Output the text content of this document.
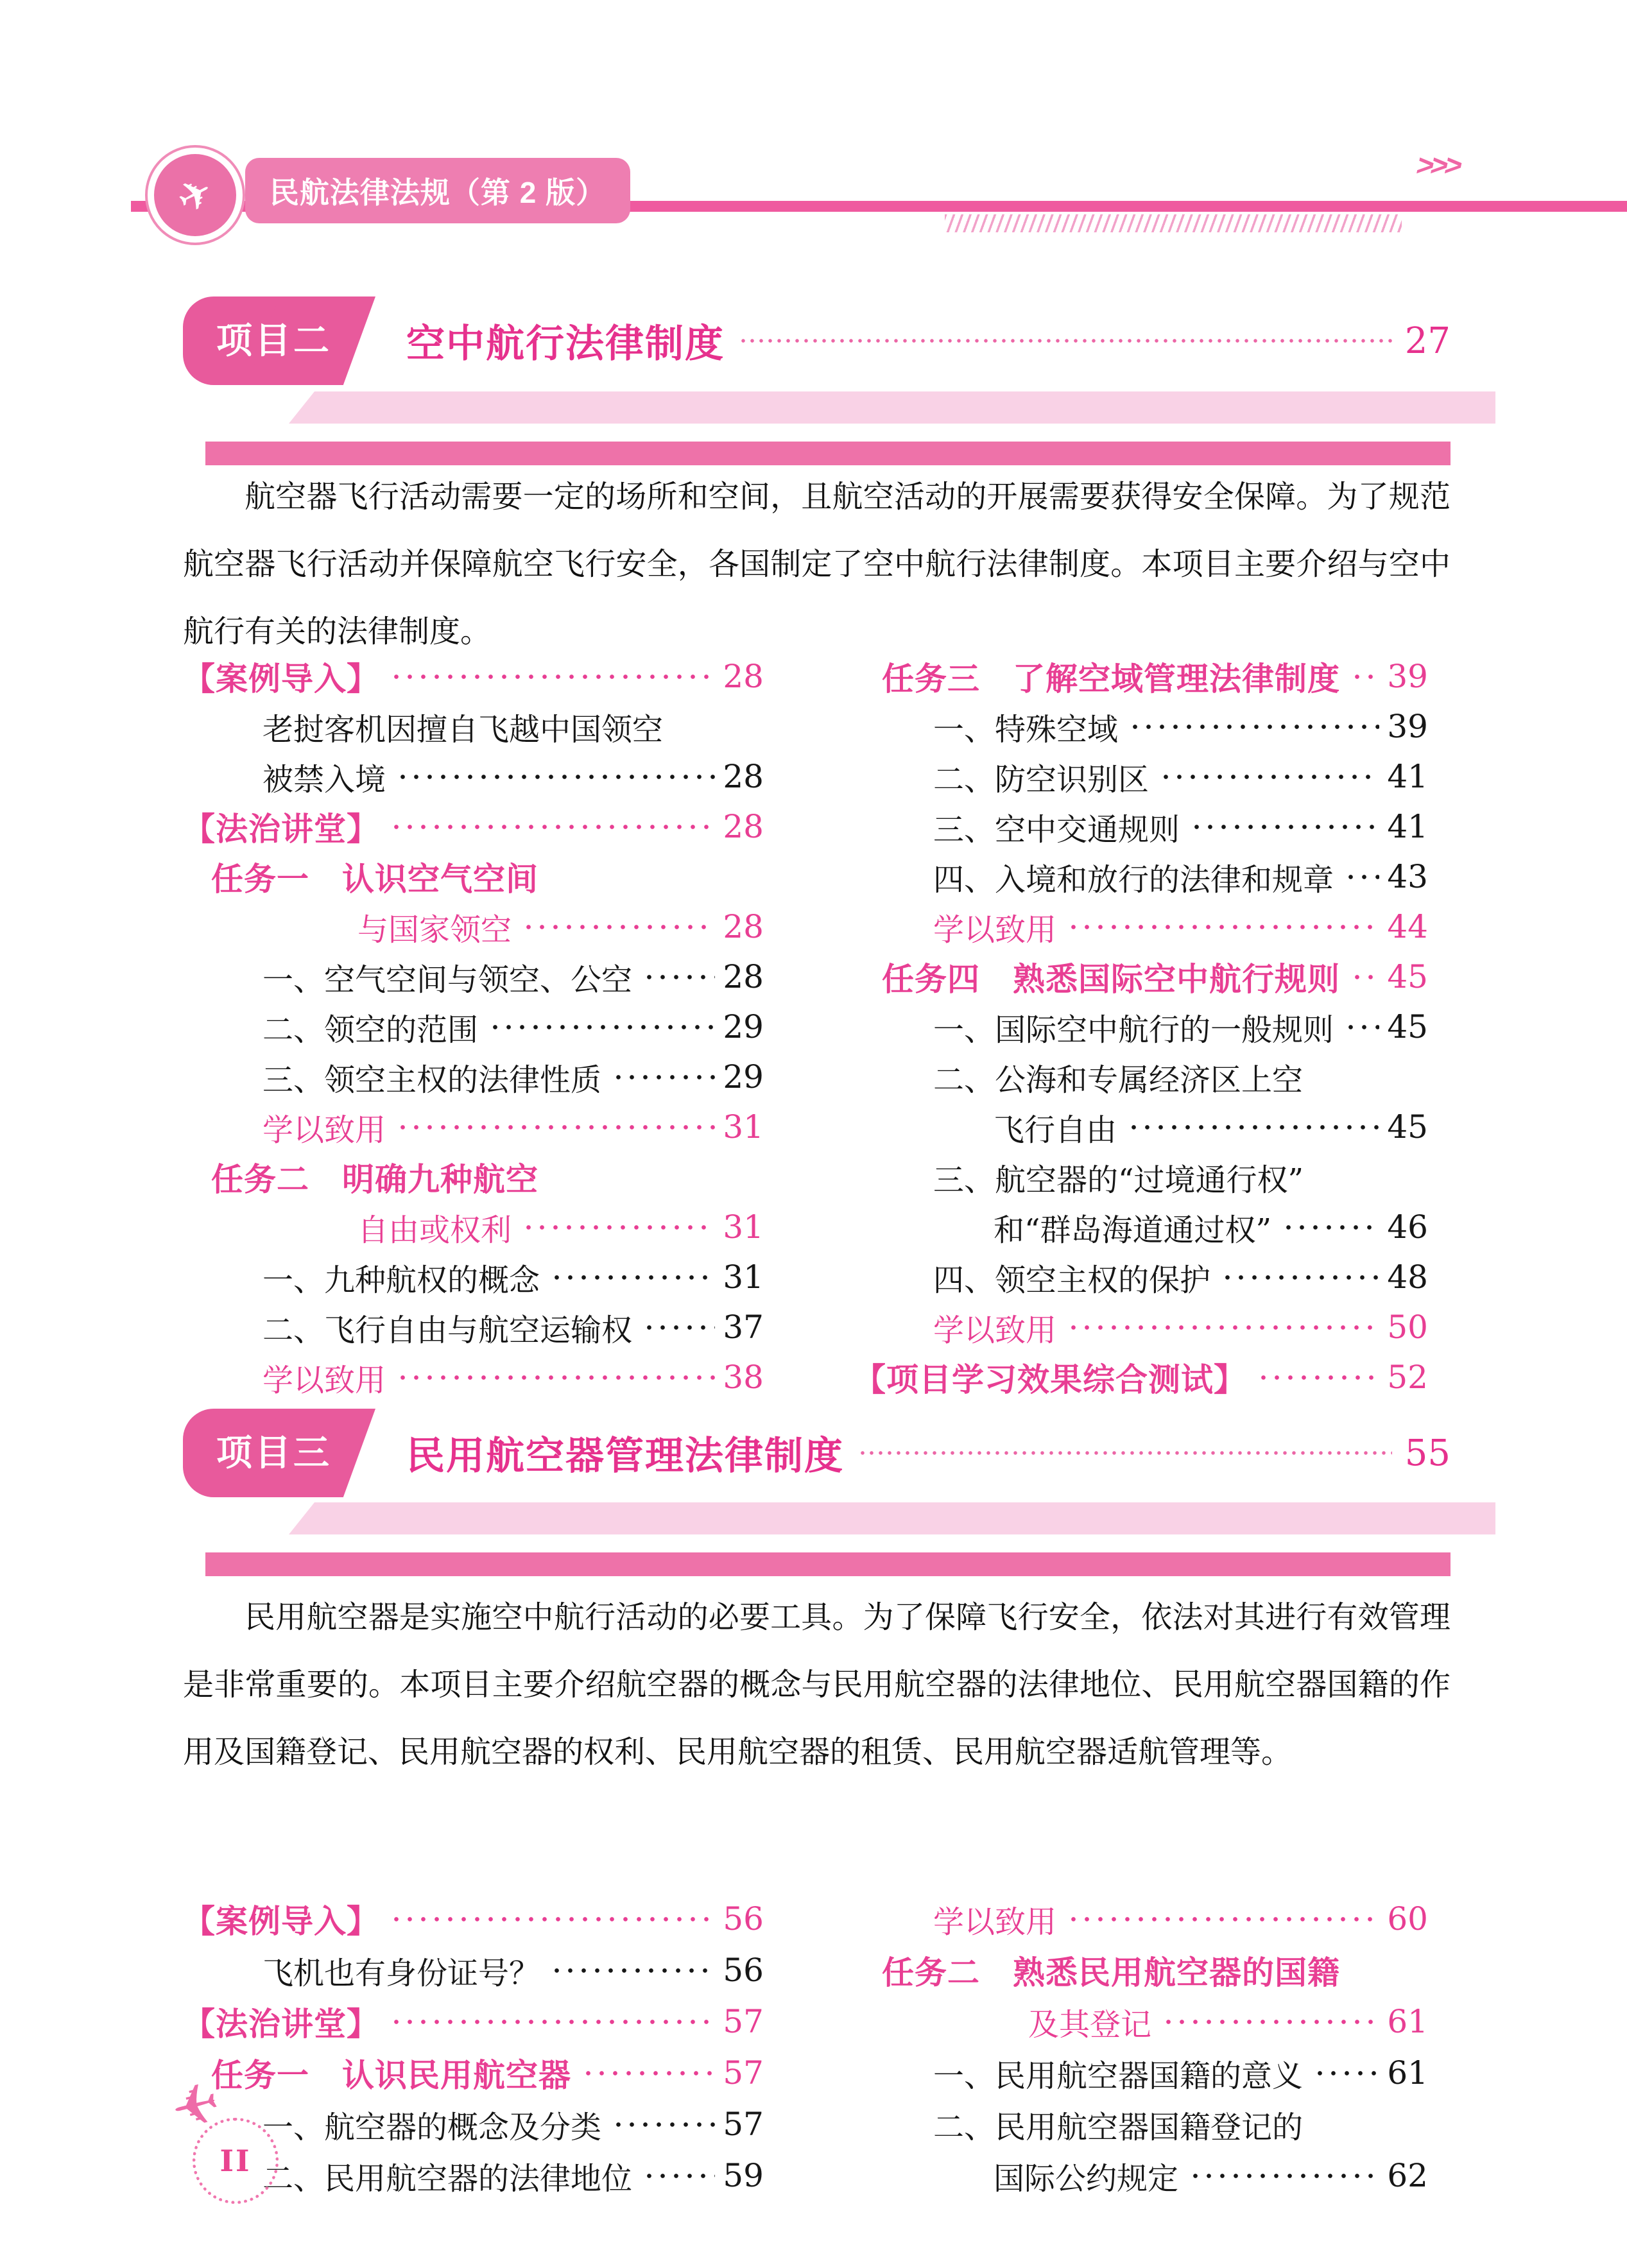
✈
民航法律法规（第 2 版）
>>>
项目二	空中航行法律制度	27
航空器飞行活动需要一定的场所和空间，且航空活动的开展需要获得安全保障。为了规范航空器飞行活动并保障航空飞行安全，各国制定了空中航行法律制度。本项目主要介绍与空中航行有关的法律制度。
【案例导入】	28
老挝客机因擅自飞越中国领空
被禁入境	28
【法治讲堂】	28
任务一　认识空气空间
与国家领空	28
一、空气空间与领空、公空	28
二、领空的范围	29
三、领空主权的法律性质	29
学以致用	31
任务二　明确九种航空
自由或权利	31
一、九种航权的概念	31
二、飞行自由与航空运输权	37
学以致用	38
任务三　了解空域管理法律制度 39
一、特殊空域	39
二、防空识别区	41
三、空中交通规则	41
四、入境和放行的法律和规章 43
学以致用	44
任务四　熟悉国际空中航行规则 45
一、国际空中航行的一般规则 45
二、公海和专属经济区上空
飞行自由	45
三、航空器的“过境通行权”
和“群岛海道通过权”	46
四、领空主权的保护	48
学以致用	50
【项目学习效果综合测试】	52
项目三	民用航空器管理法律制度	55
民用航空器是实施空中航行活动的必要工具。为了保障飞行安全，依法对其进行有效管理是非常重要的。本项目主要介绍航空器的概念与民用航空器的法律地位、民用航空器国籍的作用及国籍登记、民用航空器的权利、民用航空器的租赁、民用航空器适航管理等。
【案例导入】	56
飞机也有身份证号？	56
【法治讲堂】	57
任务一　认识民用航空器	57
一、航空器的概念及分类	57
二、民用航空器的法律地位	59
学以致用	60
任务二　熟悉民用航空器的国籍
及其登记	61
一、民用航空器国籍的意义	61
二、民用航空器国籍登记的
国际公约规定	62
✈
II
